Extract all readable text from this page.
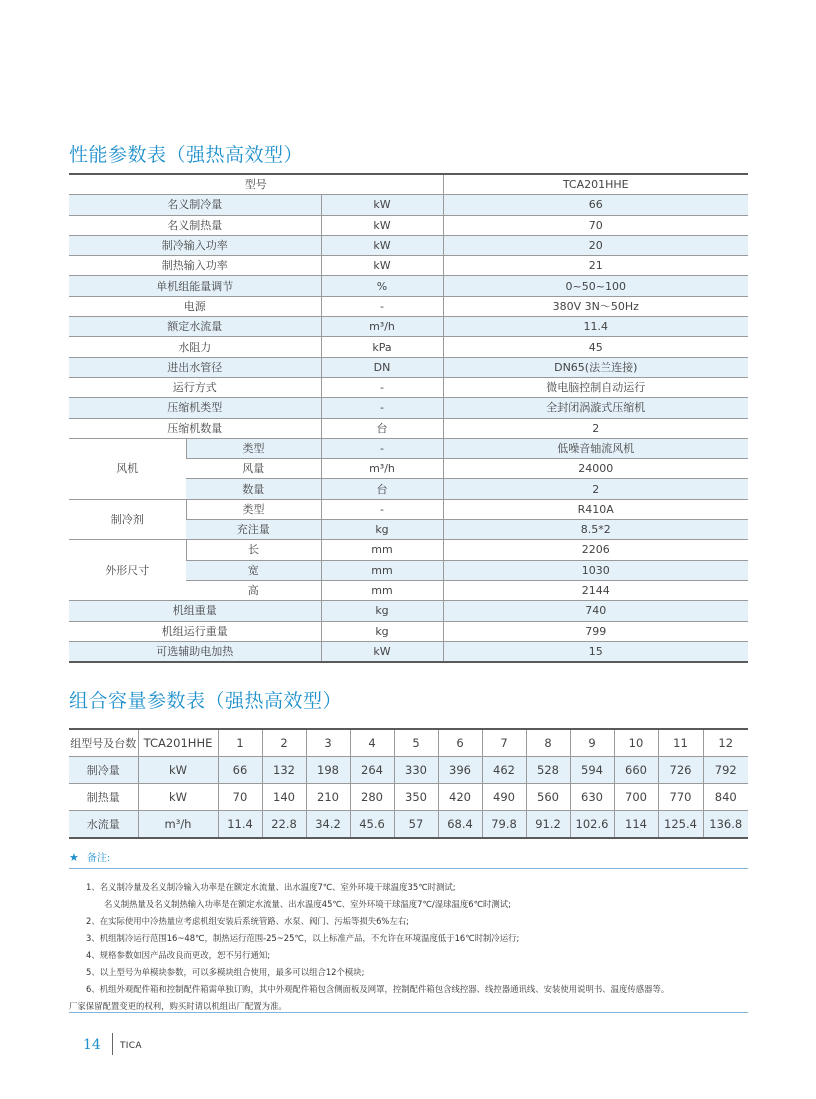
性能参数表（强热高效型）
型号			TCA201HHE
名义制冷量		kW	66
名义制热量		kW	70
制冷输入功率		kW	20
制热输入功率		kW	21
单机组能量调节		%	0~50~100
电源		-	380V 3N～50Hz
额定水流量		m³/h	11.4
水阻力		kPa	45
进出水管径		DN	DN65(法兰连接)
运行方式		-	微电脑控制自动运行
压缩机类型		-	全封闭涡漩式压缩机
压缩机数量		台	2
风机	类型	-	低噪音轴流风机
	风量	m³/h	24000
	数量	台	2
制冷剂	类型	-	R410A
	充注量	kg	8.5*2
外形尺寸	长	mm	2206
	宽	mm	1030
	高	mm	2144
机组重量		kg	740
机组运行重量		kg	799
可选辅助电加热		kW	15
组合容量参数表（强热高效型）
组型号及台数	TCA201HHE	1	2	3	4	5	6	7	8	9	10	11	12
制冷量	kW	66	132	198	264	330	396	462	528	594	660	726	792
制热量	kW	70	140	210	280	350	420	490	560	630	700	770	840
水流量	m³/h	11.4	22.8	34.2	45.6	57	68.4	79.8	91.2	102.6	114	125.4	136.8
★ 备注:
1、名义制冷量及名义制冷输入功率是在额定水流量、出水温度7℃、室外环境干球温度35℃时测试;
名义制热量及名义制热输入功率是在额定水流量、出水温度45℃、室外环境干球温度7℃/湿球温度6℃时测试;
2、在实际使用中冷热量应考虑机组安装后系统管路、水泵、阀门、污垢等损失6%左右;
3、机组制冷运行范围16~48℃，制热运行范围-25~25℃，以上标准产品，不允许在环境温度低于16℃时制冷运行;
4、规格参数如因产品改良而更改，恕不另行通知;
5、以上型号为单模块参数，可以多模块组合使用，最多可以组合12个模块;
6、机组外观配件箱和控制配件箱需单独订购，其中外观配件箱包含侧面板及网罩，控制配件箱包含线控器、线控器通讯线、安装使用说明书、温度传感器等。
厂家保留配置变更的权利，购买时请以机组出厂配置为准。
14 TICA
